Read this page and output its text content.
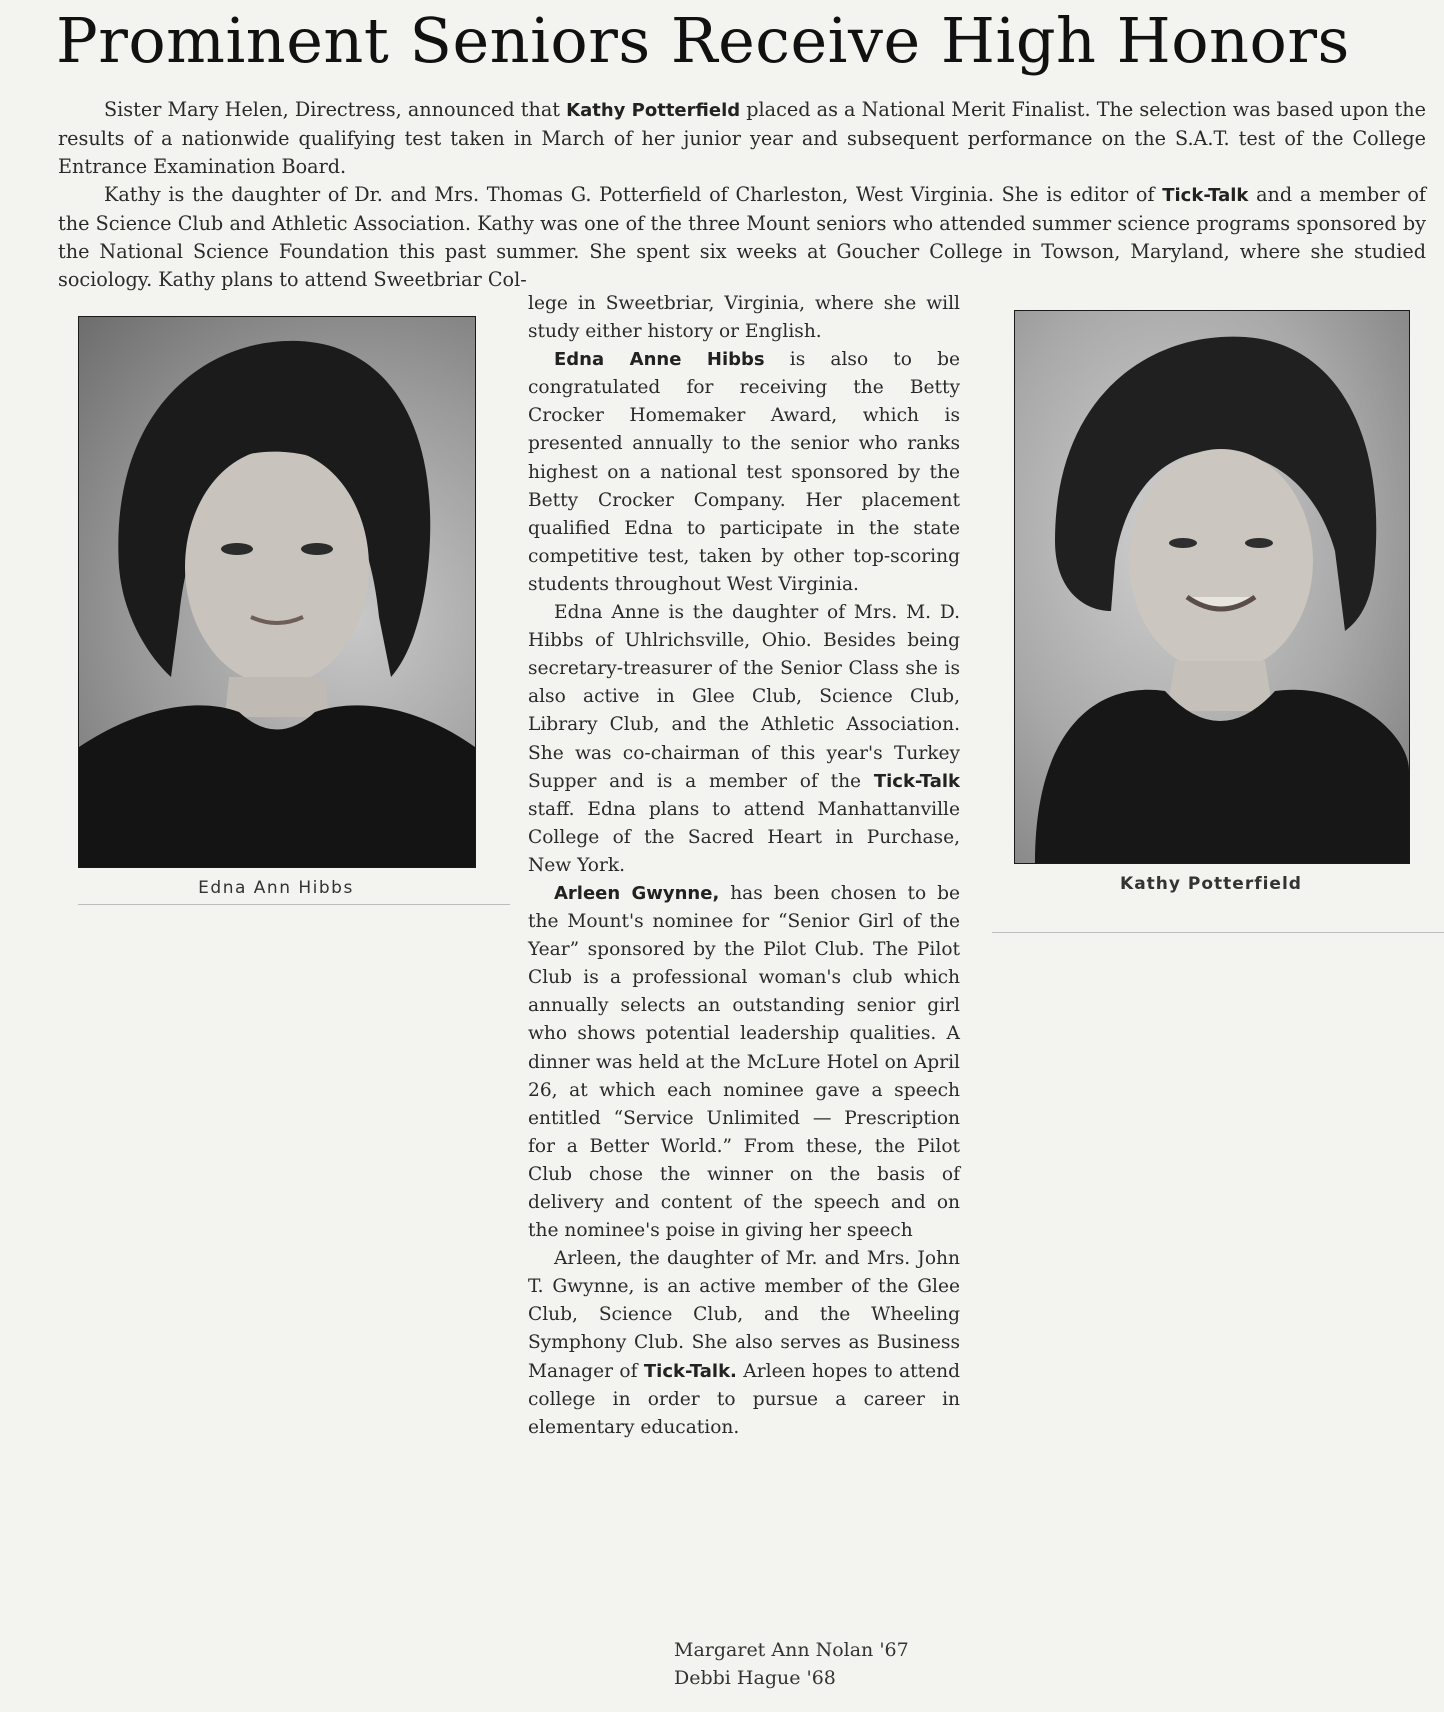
Prominent Seniors Receive High Honors

Sister Mary Helen, Directress, announced that Kathy Potterfield placed as a National Merit Finalist. The selection was based upon the results of a nationwide qualifying test taken in March of her junior year and subsequent performance on the S.A.T. test of the College Entrance Examination Board.

Kathy is the daughter of Dr. and Mrs. Thomas G. Potterfield of Charleston, West Virginia. She is editor of Tick-Talk and a member of the Science Club and Athletic Association. Kathy was one of the three Mount seniors who attended summer science programs sponsored by the National Science Foundation this past summer. She spent six weeks at Goucher College in Towson, Maryland, where she studied sociology. Kathy plans to attend Sweetbriar Col-

Edna Ann Hibbs	Kathy Potterfield

lege in Sweetbriar, Virginia, where she will study either history or English.

Edna Anne Hibbs is also to be congratulated for receiving the Betty Crocker Homemaker Award, which is presented annually to the senior who ranks highest on a national test sponsored by the Betty Crocker Company. Her placement qualified Edna to participate in the state competitive test, taken by other top-scoring students throughout West Virginia.

Edna Anne is the daughter of Mrs. M. D. Hibbs of Uhlrichsville, Ohio. Besides being secretary-treasurer of the Senior Class she is also active in Glee Club, Science Club, Library Club, and the Athletic Association. She was co-chairman of this year's Turkey Supper and is a member of the Tick-Talk staff. Edna plans to attend Manhattanville College of the Sacred Heart in Purchase, New York.

Arleen Gwynne, has been chosen to be the Mount's nominee for “Senior Girl of the Year” sponsored by the Pilot Club. The Pilot Club is a professional woman's club which annually selects an outstanding senior girl who shows potential leadership qualities. A dinner was held at the McLure Hotel on April 26, at which each nominee gave a speech entitled “Service Unlimited — Prescription for a Better World.” From these, the Pilot Club chose the winner on the basis of delivery and content of the speech and on the nominee's poise in giving her speech

Arleen, the daughter of Mr. and Mrs. John T. Gwynne, is an active member of the Glee Club, Science Club, and the Wheeling Symphony Club. She also serves as Business Manager of Tick-Talk. Arleen hopes to attend college in order to pursue a career in elementary education.

Margaret Ann Nolan '67
Debbi Hague '68
